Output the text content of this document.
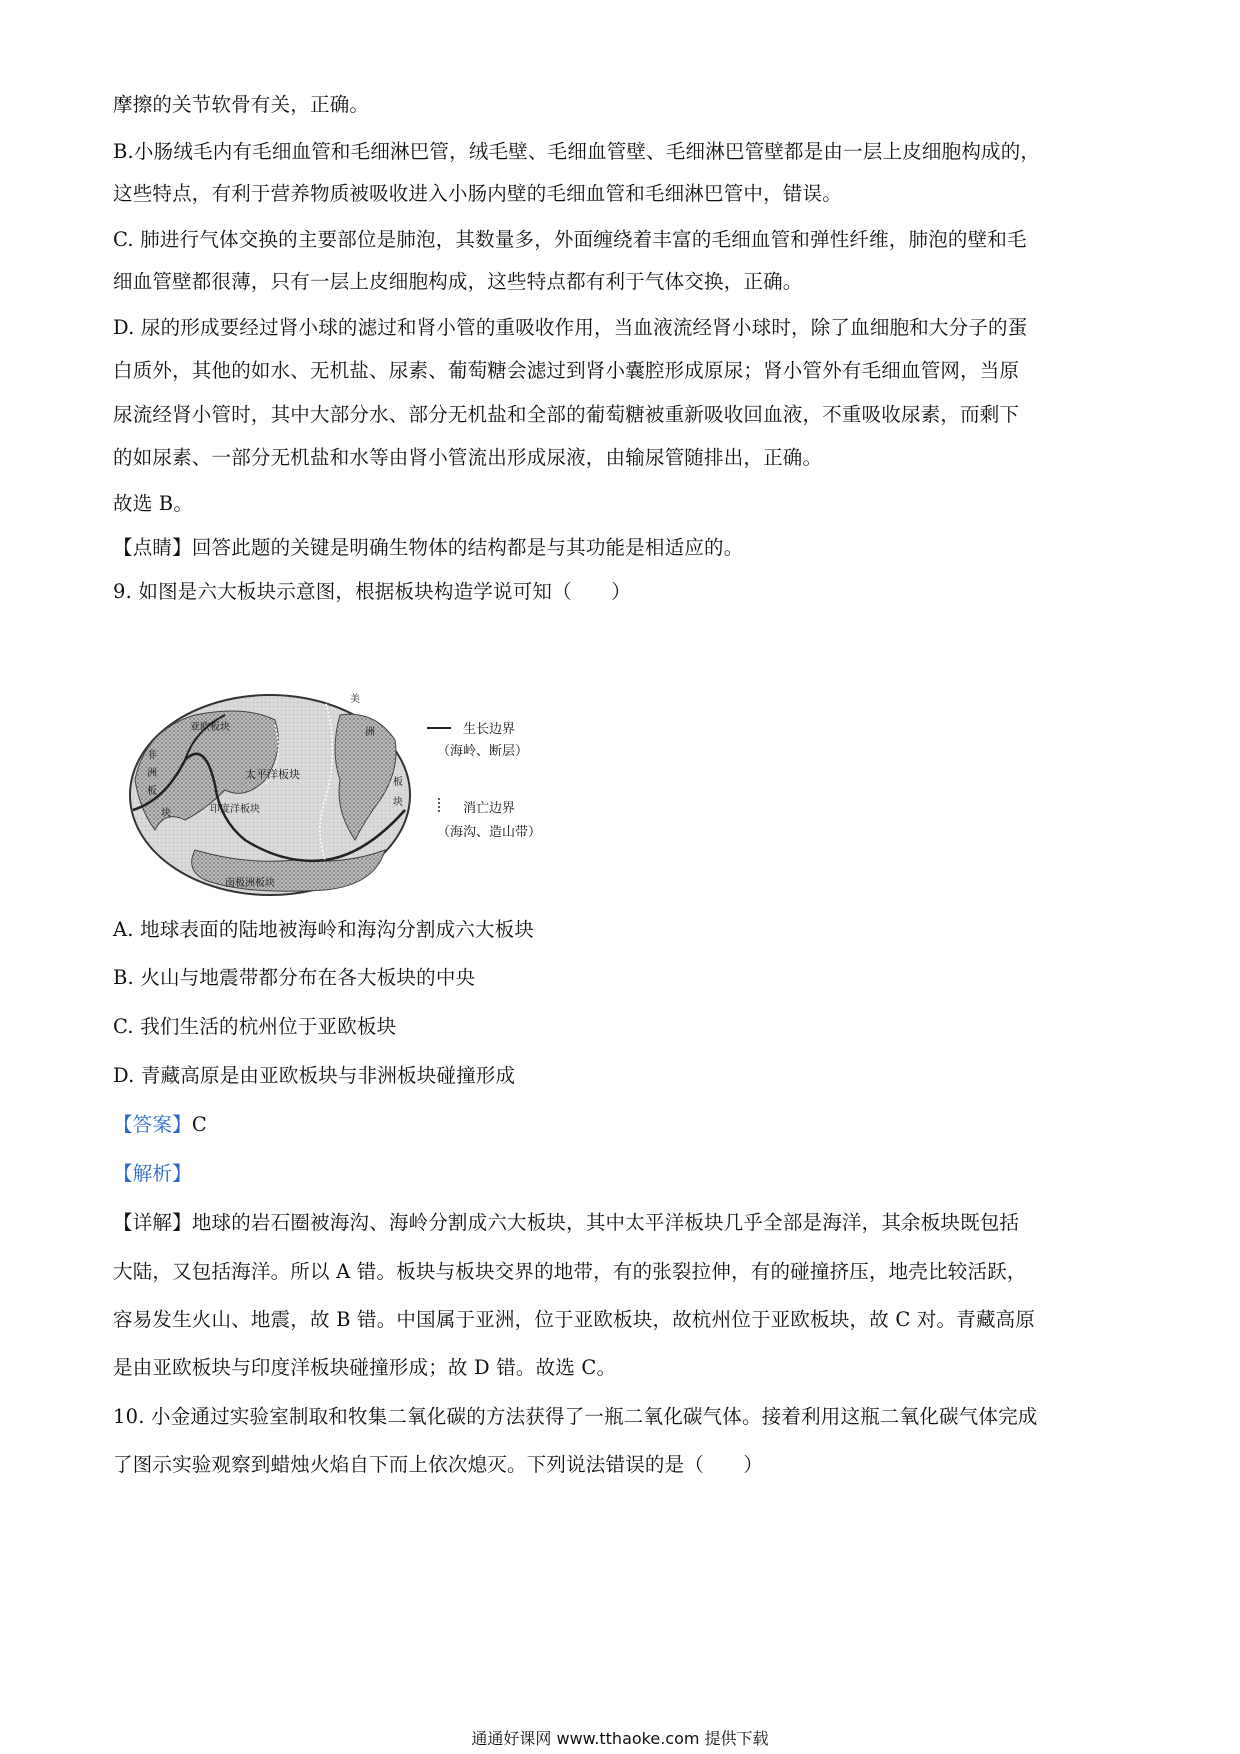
摩擦的关节软骨有关，正确。
B.小肠绒毛内有毛细血管和毛细淋巴管，绒毛壁、毛细血管壁、毛细淋巴管壁都是由一层上皮细胞构成的，
这些特点，有利于营养物质被吸收进入小肠内壁的毛细血管和毛细淋巴管中，错误。
C. 肺进行气体交换的主要部位是肺泡，其数量多，外面缠绕着丰富的毛细血管和弹性纤维，肺泡的壁和毛
细血管壁都很薄，只有一层上皮细胞构成，这些特点都有利于气体交换，正确。
D. 尿的形成要经过肾小球的滤过和肾小管的重吸收作用，当血液流经肾小球时，除了血细胞和大分子的蛋
白质外，其他的如水、无机盐、尿素、葡萄糖会滤过到肾小囊腔形成原尿；肾小管外有毛细血管网，当原
尿流经肾小管时，其中大部分水、部分无机盐和全部的葡萄糖被重新吸收回血液，不重吸收尿素，而剩下
的如尿素、一部分无机盐和水等由肾小管流出形成尿液，由输尿管随排出，正确。
故选 B。
【点睛】回答此题的关键是明确生物体的结构都是与其功能是相适应的。
9. 如图是六大板块示意图，根据板块构造学说可知（　　）
亚欧板块
非
洲
板
块
太平洋板块
印度洋板块
美
洲
板
块
南极洲板块
生长边界
（海岭、断层）
消亡边界
（海沟、造山带）
A. 地球表面的陆地被海岭和海沟分割成六大板块
B. 火山与地震带都分布在各大板块的中央
C. 我们生活的杭州位于亚欧板块
D. 青藏高原是由亚欧板块与非洲板块碰撞形成
【答案】C
【解析】
【详解】地球的岩石圈被海沟、海岭分割成六大板块，其中太平洋板块几乎全部是海洋，其余板块既包括
大陆，又包括海洋。所以 A 错。板块与板块交界的地带，有的张裂拉伸，有的碰撞挤压，地壳比较活跃，
容易发生火山、地震，故 B 错。中国属于亚洲，位于亚欧板块，故杭州位于亚欧板块，故 C 对。青藏高原
是由亚欧板块与印度洋板块碰撞形成；故 D 错。故选 C。
10. 小金通过实验室制取和牧集二氧化碳的方法获得了一瓶二氧化碳气体。接着利用这瓶二氧化碳气体完成
了图示实验观察到蜡烛火焰自下而上依次熄灭。下列说法错误的是（　　）
通通好课网 www.tthaoke.com 提供下载
